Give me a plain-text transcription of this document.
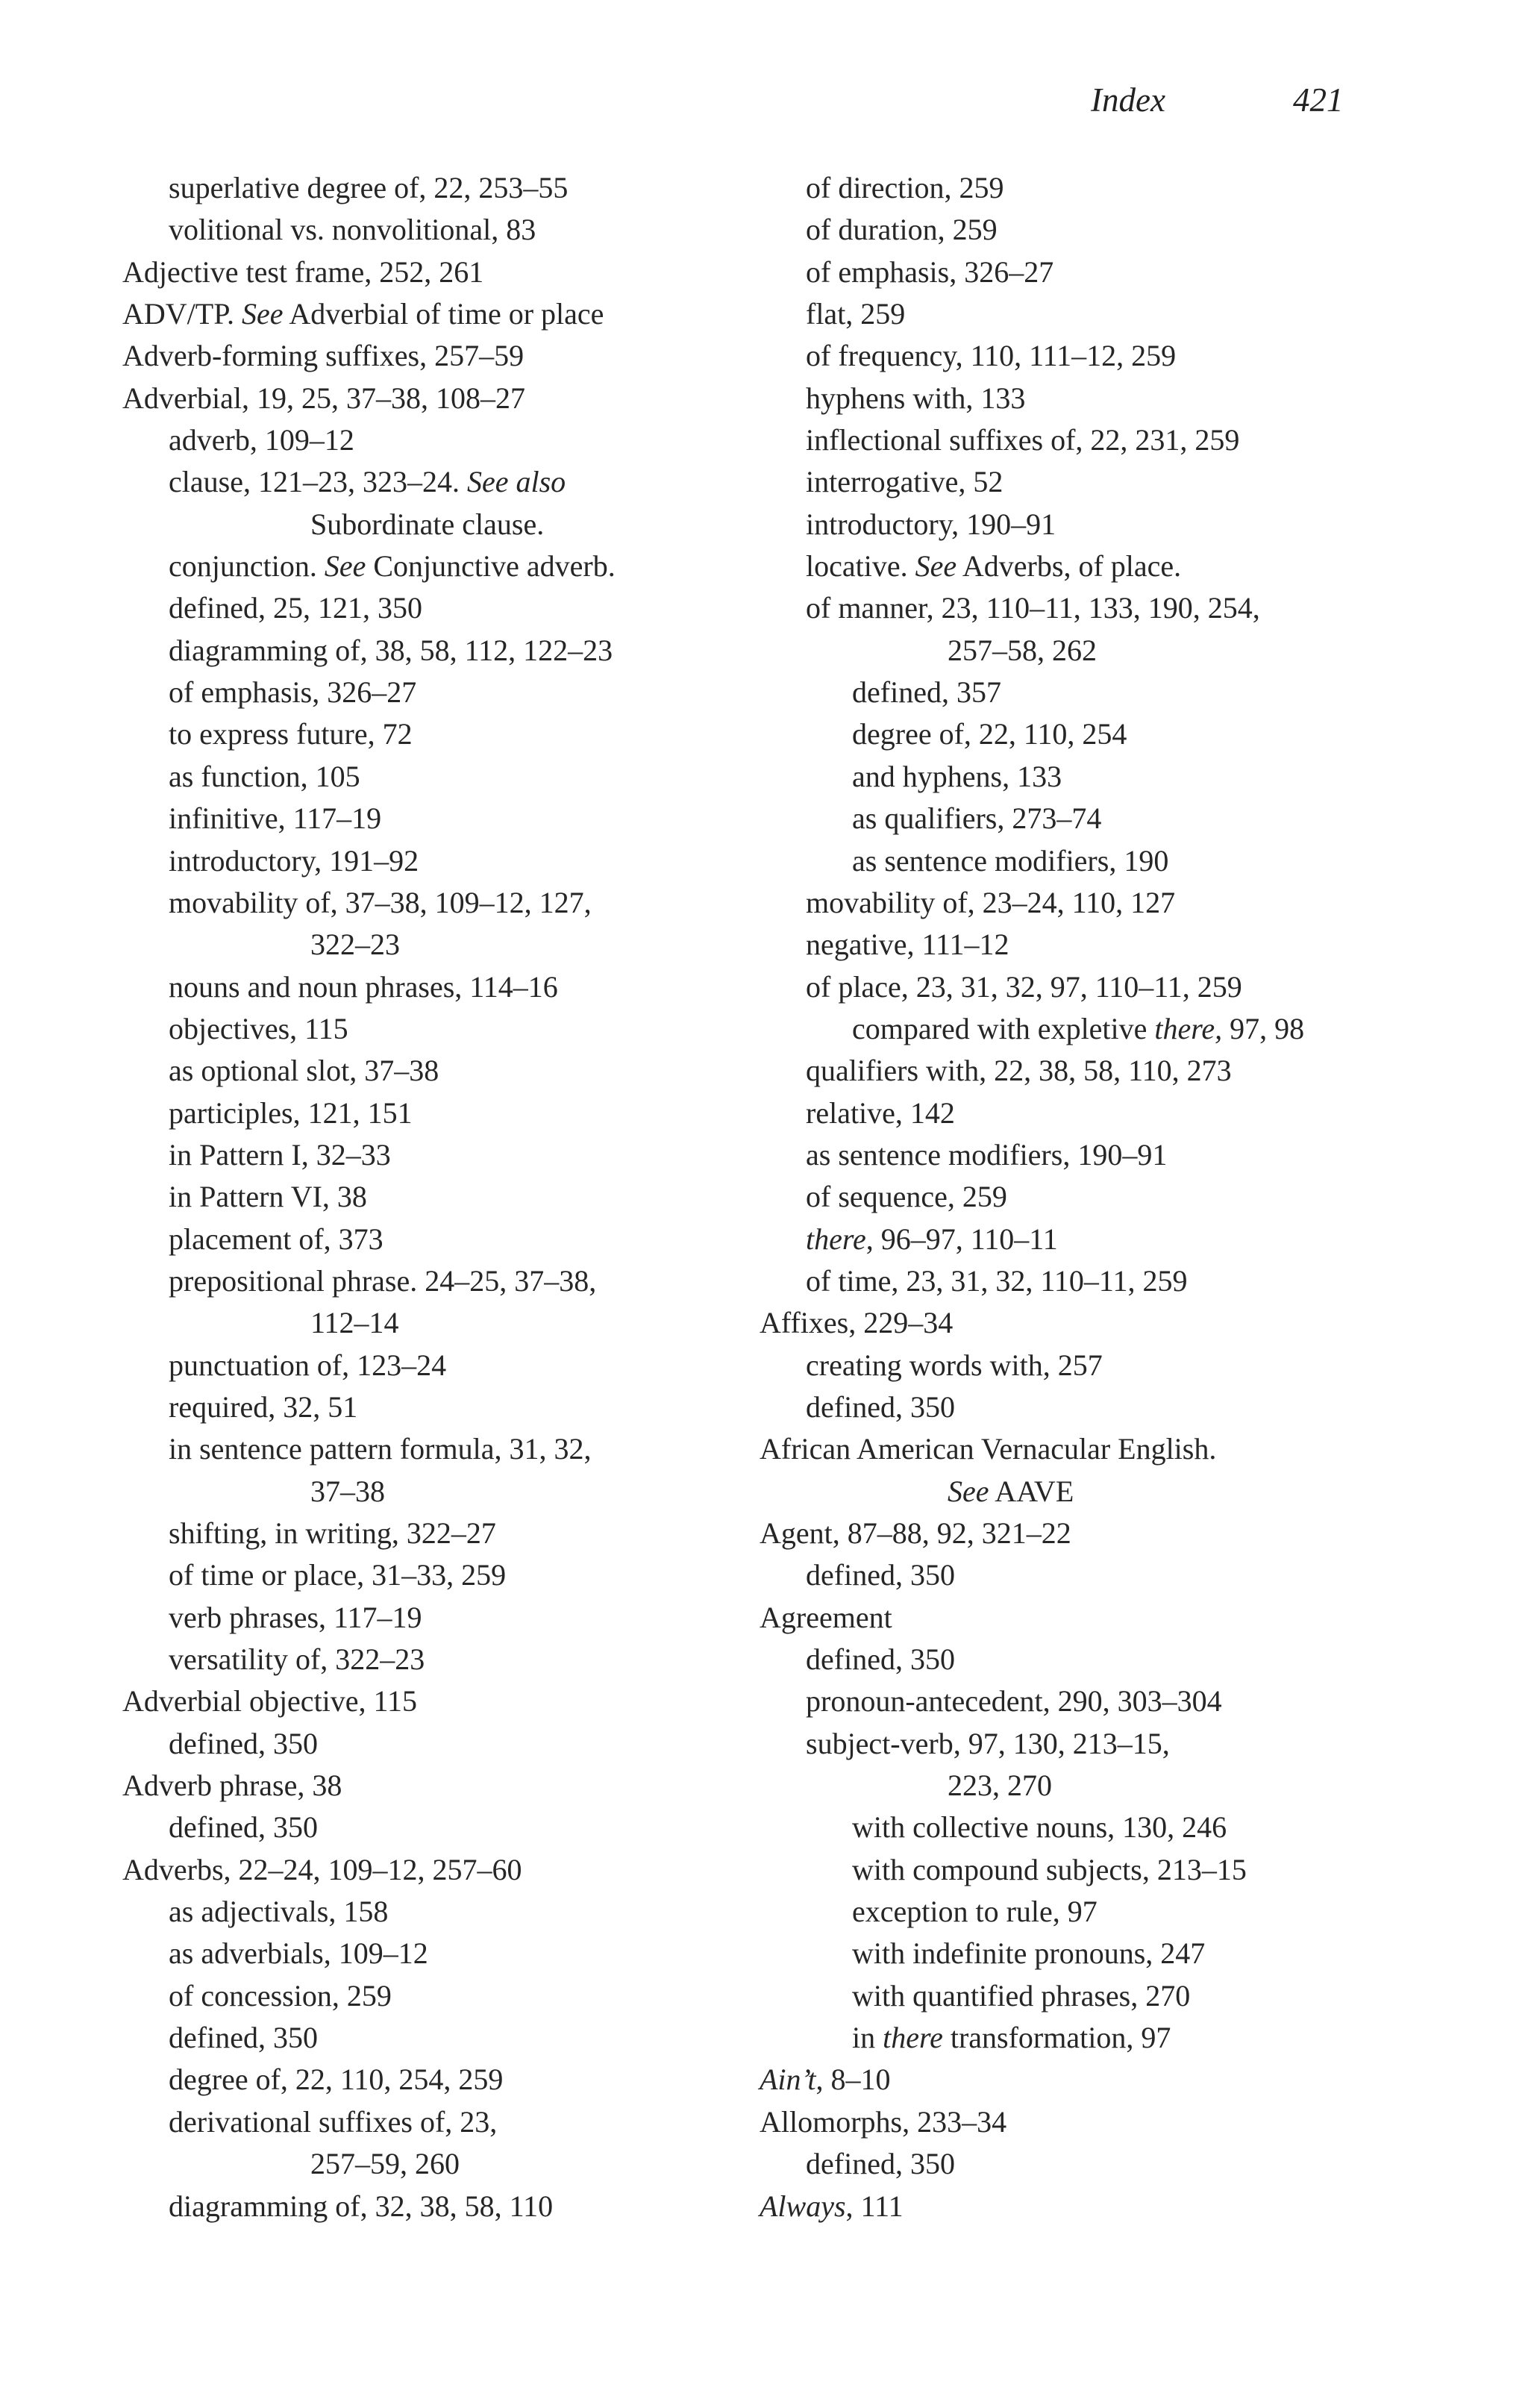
Index	421
superlative degree of, 22, 253–55
volitional vs. nonvolitional, 83
Adjective test frame, 252, 261
ADV/TP. See Adverbial of time or place
Adverb-forming suffixes, 257–59
Adverbial, 19, 25, 37–38, 108–27
adverb, 109–12
clause, 121–23, 323–24. See also
Subordinate clause.
conjunction. See Conjunctive adverb.
defined, 25, 121, 350
diagramming of, 38, 58, 112, 122–23
of emphasis, 326–27
to express future, 72
as function, 105
infinitive, 117–19
introductory, 191–92
movability of, 37–38, 109–12, 127,
322–23
nouns and noun phrases, 114–16
objectives, 115
as optional slot, 37–38
participles, 121, 151
in Pattern I, 32–33
in Pattern VI, 38
placement of, 373
prepositional phrase. 24–25, 37–38,
112–14
punctuation of, 123–24
required, 32, 51
in sentence pattern formula, 31, 32,
37–38
shifting, in writing, 322–27
of time or place, 31–33, 259
verb phrases, 117–19
versatility of, 322–23
Adverbial objective, 115
defined, 350
Adverb phrase, 38
defined, 350
Adverbs, 22–24, 109–12, 257–60
as adjectivals, 158
as adverbials, 109–12
of concession, 259
defined, 350
degree of, 22, 110, 254, 259
derivational suffixes of, 23,
257–59, 260
diagramming of, 32, 38, 58, 110
of direction, 259
of duration, 259
of emphasis, 326–27
flat, 259
of frequency, 110, 111–12, 259
hyphens with, 133
inflectional suffixes of, 22, 231, 259
interrogative, 52
introductory, 190–91
locative. See Adverbs, of place.
of manner, 23, 110–11, 133, 190, 254,
257–58, 262
defined, 357
degree of, 22, 110, 254
and hyphens, 133
as qualifiers, 273–74
as sentence modifiers, 190
movability of, 23–24, 110, 127
negative, 111–12
of place, 23, 31, 32, 97, 110–11, 259
compared with expletive there, 97, 98
qualifiers with, 22, 38, 58, 110, 273
relative, 142
as sentence modifiers, 190–91
of sequence, 259
there, 96–97, 110–11
of time, 23, 31, 32, 110–11, 259
Affixes, 229–34
creating words with, 257
defined, 350
African American Vernacular English.
See AAVE
Agent, 87–88, 92, 321–22
defined, 350
Agreement
defined, 350
pronoun-antecedent, 290, 303–304
subject-verb, 97, 130, 213–15,
223, 270
with collective nouns, 130, 246
with compound subjects, 213–15
exception to rule, 97
with indefinite pronouns, 247
with quantified phrases, 270
in there transformation, 97
Ain’t, 8–10
Allomorphs, 233–34
defined, 350
Always, 111
